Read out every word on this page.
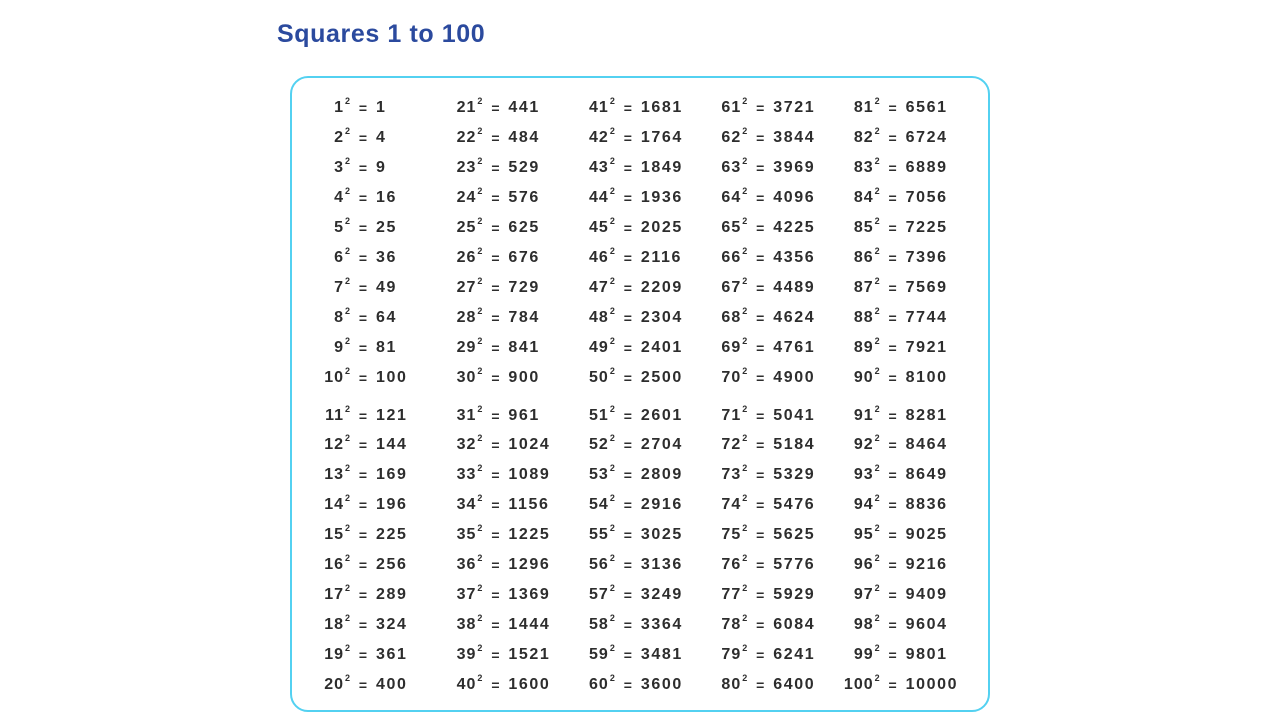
Squares 1 to 100
1 2 = 1
2 2 = 4
3 2 = 9
4 2 = 16
5 2 = 25
6 2 = 36
7 2 = 49
8 2 = 64
9 2 = 81
10 2 = 100
11 2 = 121
12 2 = 144
13 2 = 169
14 2 = 196
15 2 = 225
16 2 = 256
17 2 = 289
18 2 = 324
19 2 = 361
20 2 = 400
21 2 = 441
22 2 = 484
23 2 = 529
24 2 = 576
25 2 = 625
26 2 = 676
27 2 = 729
28 2 = 784
29 2 = 841
30 2 = 900
31 2 = 961
32 2 = 1024
33 2 = 1089
34 2 = 1156
35 2 = 1225
36 2 = 1296
37 2 = 1369
38 2 = 1444
39 2 = 1521
40 2 = 1600
41 2 = 1681
42 2 = 1764
43 2 = 1849
44 2 = 1936
45 2 = 2025
46 2 = 2116
47 2 = 2209
48 2 = 2304
49 2 = 2401
50 2 = 2500
51 2 = 2601
52 2 = 2704
53 2 = 2809
54 2 = 2916
55 2 = 3025
56 2 = 3136
57 2 = 3249
58 2 = 3364
59 2 = 3481
60 2 = 3600
61 2 = 3721
62 2 = 3844
63 2 = 3969
64 2 = 4096
65 2 = 4225
66 2 = 4356
67 2 = 4489
68 2 = 4624
69 2 = 4761
70 2 = 4900
71 2 = 5041
72 2 = 5184
73 2 = 5329
74 2 = 5476
75 2 = 5625
76 2 = 5776
77 2 = 5929
78 2 = 6084
79 2 = 6241
80 2 = 6400
81 2 = 6561
82 2 = 6724
83 2 = 6889
84 2 = 7056
85 2 = 7225
86 2 = 7396
87 2 = 7569
88 2 = 7744
89 2 = 7921
90 2 = 8100
91 2 = 8281
92 2 = 8464
93 2 = 8649
94 2 = 8836
95 2 = 9025
96 2 = 9216
97 2 = 9409
98 2 = 9604
99 2 = 9801
100 2 = 10000
